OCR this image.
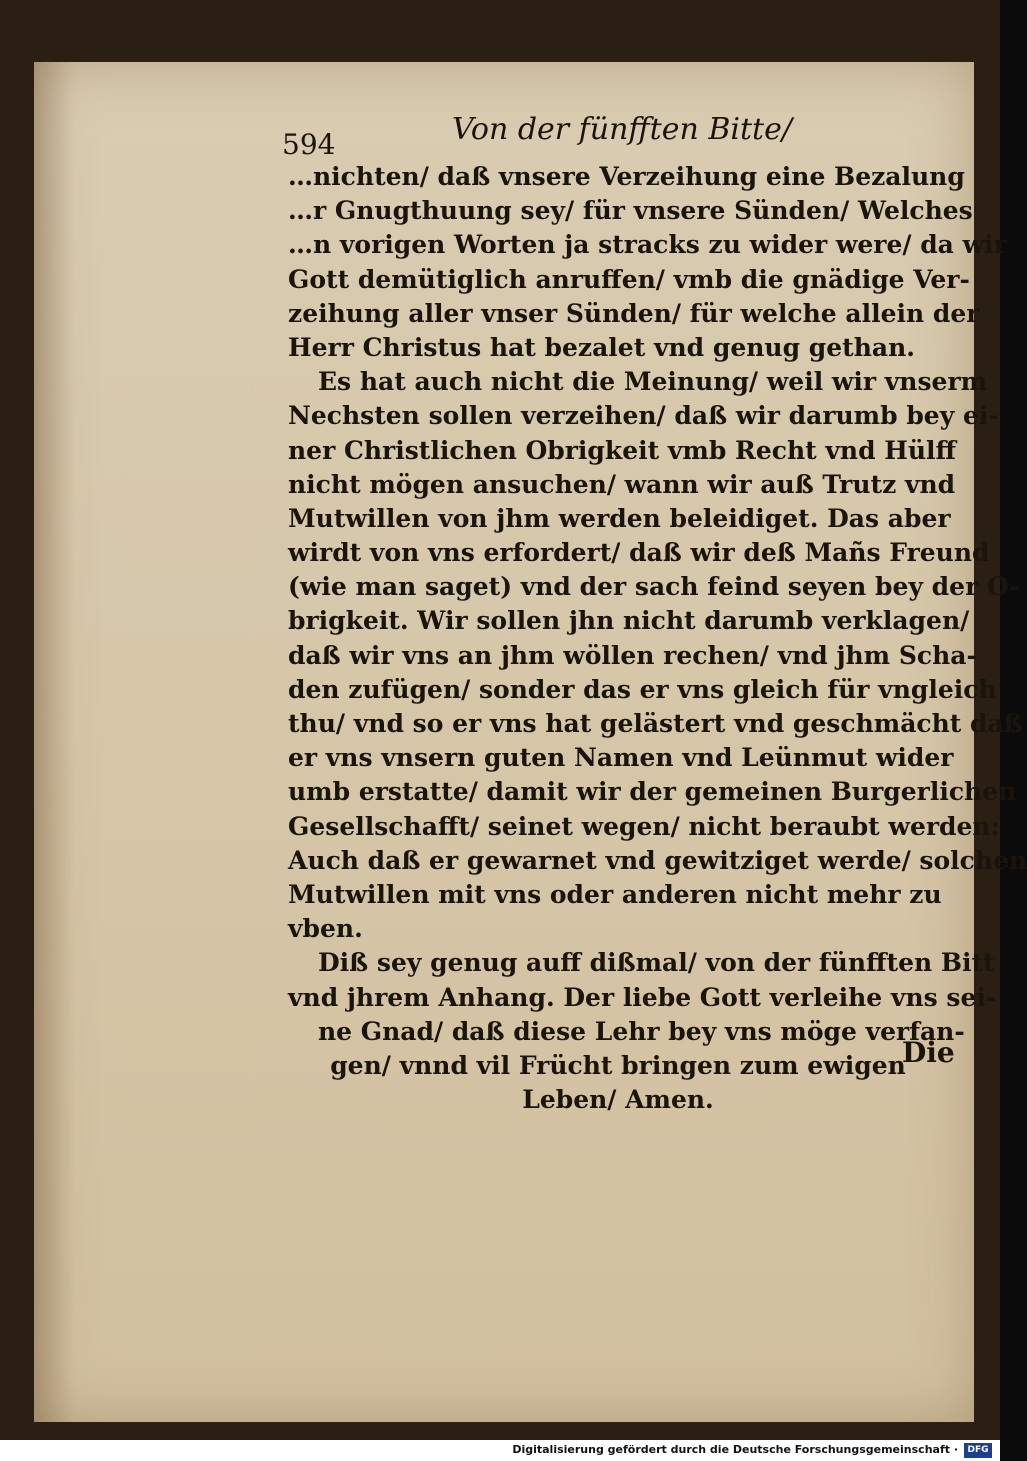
594	Von der fünfften Bitte/
…nichten/ daß vnsere Verzeihung eine Bezalung
…r Gnugthuung sey/ für vnsere Sünden/ Welches
…n vorigen Worten ja stracks zu wider were/ da wir
Gott demütiglich anruffen/ vmb die gnädige Ver-
zeihung aller vnser Sünden/ für welche allein der
Herr Christus hat bezalet vnd genug gethan.
Es hat auch nicht die Meinung/ weil wir vnserm
Nechsten sollen verzeihen/ daß wir darumb bey ei-
ner Christlichen Obrigkeit vmb Recht vnd Hülff
nicht mögen ansuchen/ wann wir auß Trutz vnd
Mutwillen von jhm werden beleidiget. Das aber
wirdt von vns erfordert/ daß wir deß Mañs Freund
(wie man saget) vnd der sach feind seyen bey der O-
brigkeit. Wir sollen jhn nicht darumb verklagen/
daß wir vns an jhm wöllen rechen/ vnd jhm Scha-
den zufügen/ sonder das er vns gleich für vngleich
thu/ vnd so er vns hat gelästert vnd geschmächt daß
er vns vnsern guten Namen vnd Leünmut wider
umb erstatte/ damit wir der gemeinen Burgerlichen
Gesellschafft/ seinet wegen/ nicht beraubt werden:
Auch daß er gewarnet vnd gewitziget werde/ solchen
Mutwillen mit vns oder anderen nicht mehr zu
vben.
Diß sey genug auff dißmal/ von der fünfften Bitt
vnd jhrem Anhang. Der liebe Gott verleihe vns sei-
ne Gnad/ daß diese Lehr bey vns möge verfan-
gen/ vnnd vil Frücht bringen zum ewigen
Leben/ Amen.
Die
Digitalisierung gefördert durch die Deutsche Forschungsgemeinschaft ·	DFG
